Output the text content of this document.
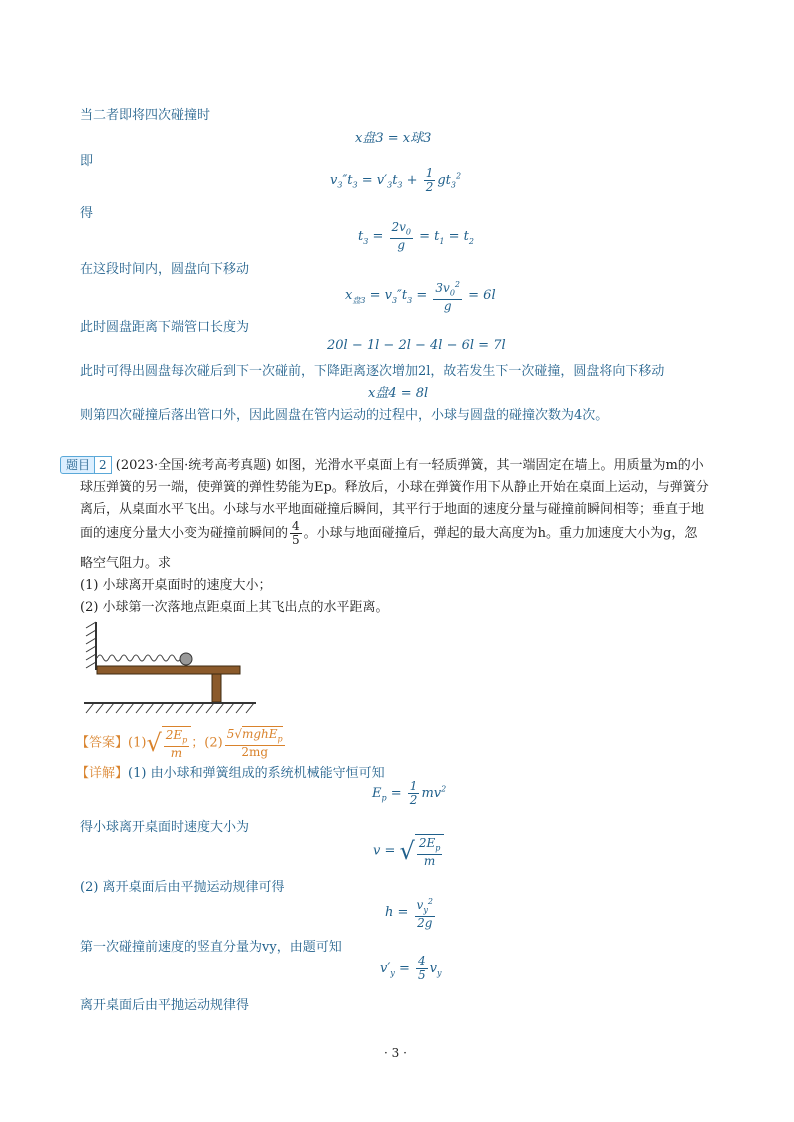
当二者即将四次碰撞时
x盘3 = x球3
即
$v_3''t_3 = v'_3t_3 + \frac{1}{2} gt_3^2$
得
$t_3 = \frac{2v_0}{g} = t_1 = t_2$
在这段时间内，圆盘向下移动
$x_{盘3} = v_3''t_3 = \frac{3v_0^2}{g} = 6l$
此时圆盘距离下端管口长度为
20l − 1l − 2l − 4l − 6l = 7l
此时可得出圆盘每次碰后到下一次碰前，下降距离逐次增加2l，故若发生下一次碰撞，圆盘将向下移动
x盘4 = 8l
则第四次碰撞后落出管口外，因此圆盘在管内运动的过程中，小球与圆盘的碰撞次数为4次。
题目 2 (2023·全国·统考高考真题) 如图，光滑水平桌面上有一轻质弹簧，其一端固定在墙上。用质量为m的小
球压弹簧的另一端，使弹簧的弹性势能为Ep。释放后，小球在弹簧作用下从静止开始在桌面上运动，与弹簧分
离后，从桌面水平飞出。小球与水平地面碰撞后瞬间，其平行于地面的速度分量与碰撞前瞬间相等；垂直于地
面的速度分量大小变为碰撞前瞬间的 $\frac{4}{5}$ 。小球与地面碰撞后，弹起的最大高度为h。重力加速度大小为g，忽
略空气阻力。求
(1) 小球离开桌面时的速度大小；
(2) 小球第一次落地点距桌面上其飞出点的水平距离。
【答案】$(1)√ \frac{2E_p}{m}$ ；$(2) \frac{5√mghE_p}{2mg}$
【详解】(1) 由小球和弹簧组成的系统机械能守恒可知
$E_p = \frac{1}{2} mv^2$
得小球离开桌面时速度大小为
v = √ $\frac{2E_p}{m}$
(2) 离开桌面后由平抛运动规律可得
$h = \frac{v_y^2}{2g}$
第一次碰撞前速度的竖直分量为vy，由题可知
$v'_y = \frac{4}{5} v_y$
离开桌面后由平抛运动规律得
· 3 ·
